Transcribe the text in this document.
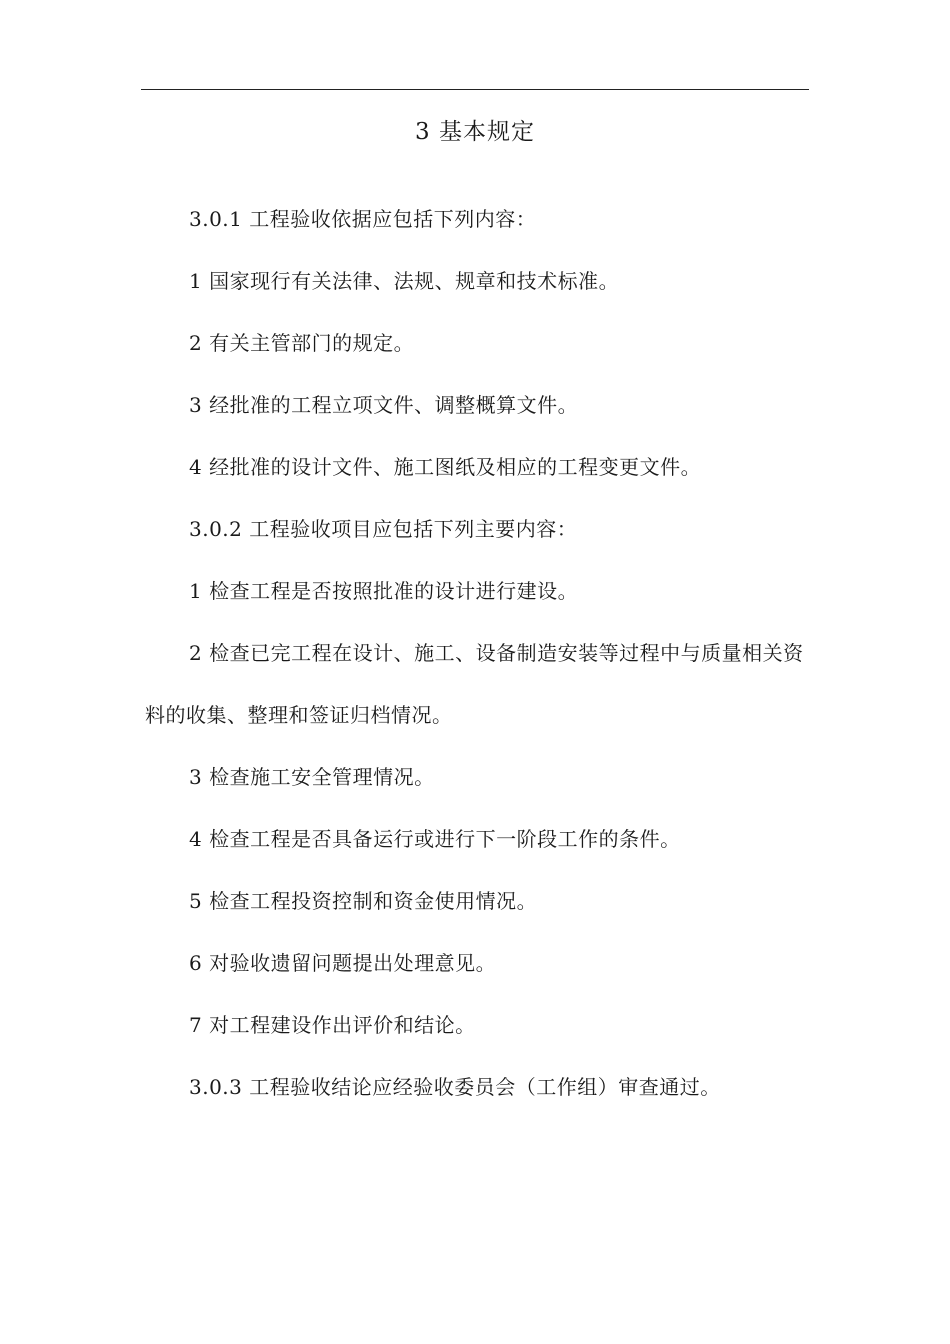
3 基本规定

3.0.1 工程验收依据应包括下列内容：

1 国家现行有关法律、法规、规章和技术标准。

2 有关主管部门的规定。

3 经批准的工程立项文件、调整概算文件。

4 经批准的设计文件、施工图纸及相应的工程变更文件。

3.0.2 工程验收项目应包括下列主要内容：

1 检查工程是否按照批准的设计进行建设。

2 检查已完工程在设计、施工、设备制造安装等过程中与质量相关资料的收集、整理和签证归档情况。

3 检查施工安全管理情况。

4 检查工程是否具备运行或进行下一阶段工作的条件。

5 检查工程投资控制和资金使用情况。

6 对验收遗留问题提出处理意见。

7 对工程建设作出评价和结论。

3.0.3 工程验收结论应经验收委员会（工作组）审查通过。
